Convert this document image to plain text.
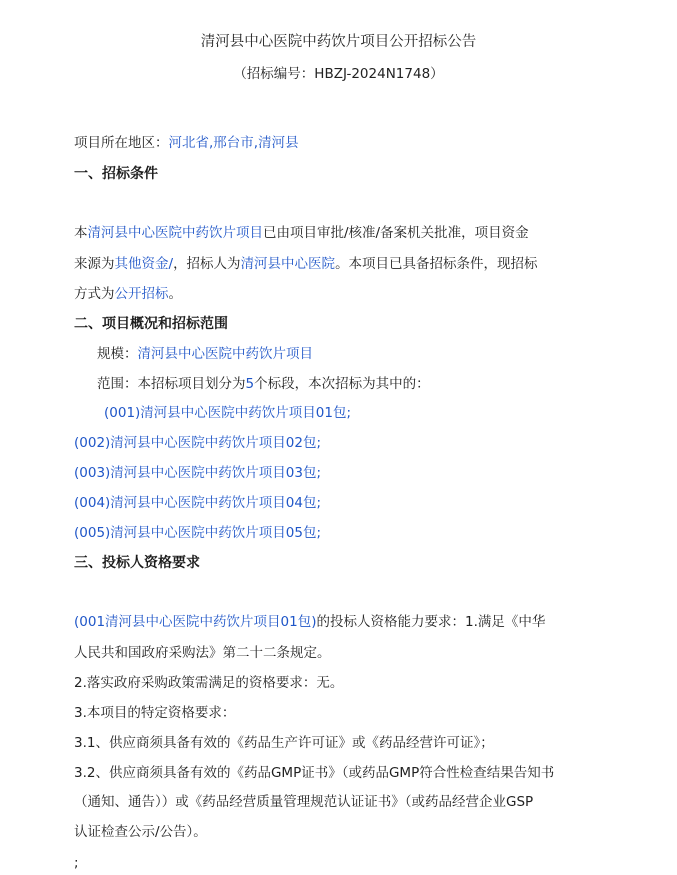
清河县中心医院中药饮片项目公开招标公告
（招标编号：HBZJ-2024N1748）
项目所在地区：河北省,邢台市,清河县
一、招标条件
本清河县中心医院中药饮片项目已由项目审批/核准/备案机关批准，项目资金
来源为其他资金/，招标人为清河县中心医院。本项目已具备招标条件，现招标
方式为公开招标。
二、项目概况和招标范围
规模：清河县中心医院中药饮片项目
范围：本招标项目划分为5个标段，本次招标为其中的：
(001)清河县中心医院中药饮片项目01包;
(002)清河县中心医院中药饮片项目02包;
(003)清河县中心医院中药饮片项目03包;
(004)清河县中心医院中药饮片项目04包;
(005)清河县中心医院中药饮片项目05包;
三、投标人资格要求
(001清河县中心医院中药饮片项目01包)的投标人资格能力要求：1.满足《中华
人民共和国政府采购法》第二十二条规定。
2.落实政府采购政策需满足的资格要求：无。
3.本项目的特定资格要求：
3.1、供应商须具备有效的《药品生产许可证》或《药品经营许可证》；
3.2、供应商须具备有效的《药品GMP证书》（或药品GMP符合性检查结果告知书
（通知、通告））或《药品经营质量管理规范认证证书》（或药品经营企业GSP
认证检查公示/公告）。
;
